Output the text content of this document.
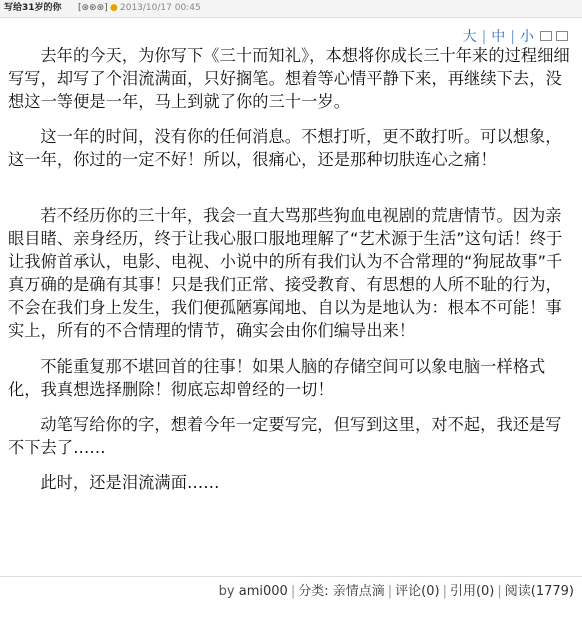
写给31岁的你 [⊛⊛⊛] ● 2013/10/17 00:45
大 | 中 | 小

去年的今天，为你写下《三十而知礼》，本想将你成长三十年来的过程细细写写，却写了个泪流满面，只好搁笔。想着等心情平静下来，再继续下去，没想这一等便是一年，马上到就了你的三十一岁。

这一年的时间，没有你的任何消息。不想打听，更不敢打听。可以想象，这一年，你过的一定不好！所以，很痛心，还是那种切肤连心之痛！

若不经历你的三十年，我会一直大骂那些狗血电视剧的荒唐情节。因为亲眼目睹、亲身经历，终于让我心服口服地理解了“艺术源于生活”这句话！终于让我俯首承认，电影、电视、小说中的所有我们认为不合常理的“狗屁故事”千真万确的是确有其事！只是我们正常、接受教育、有思想的人所不耻的行为，不会在我们身上发生，我们便孤陋寡闻地、自以为是地认为：根本不可能！事实上，所有的不合情理的情节，确实会由你们编导出来！

不能重复那不堪回首的往事！如果人脑的存储空间可以象电脑一样格式化，我真想选择删除！彻底忘却曾经的一切！

动笔写给你的字，想着今年一定要写完，但写到这里，对不起，我还是写不下去了……

此时，还是泪流满面……

by ami000 | 分类: 亲情点滴 | 评论(0) | 引用(0) | 阅读(1779)
